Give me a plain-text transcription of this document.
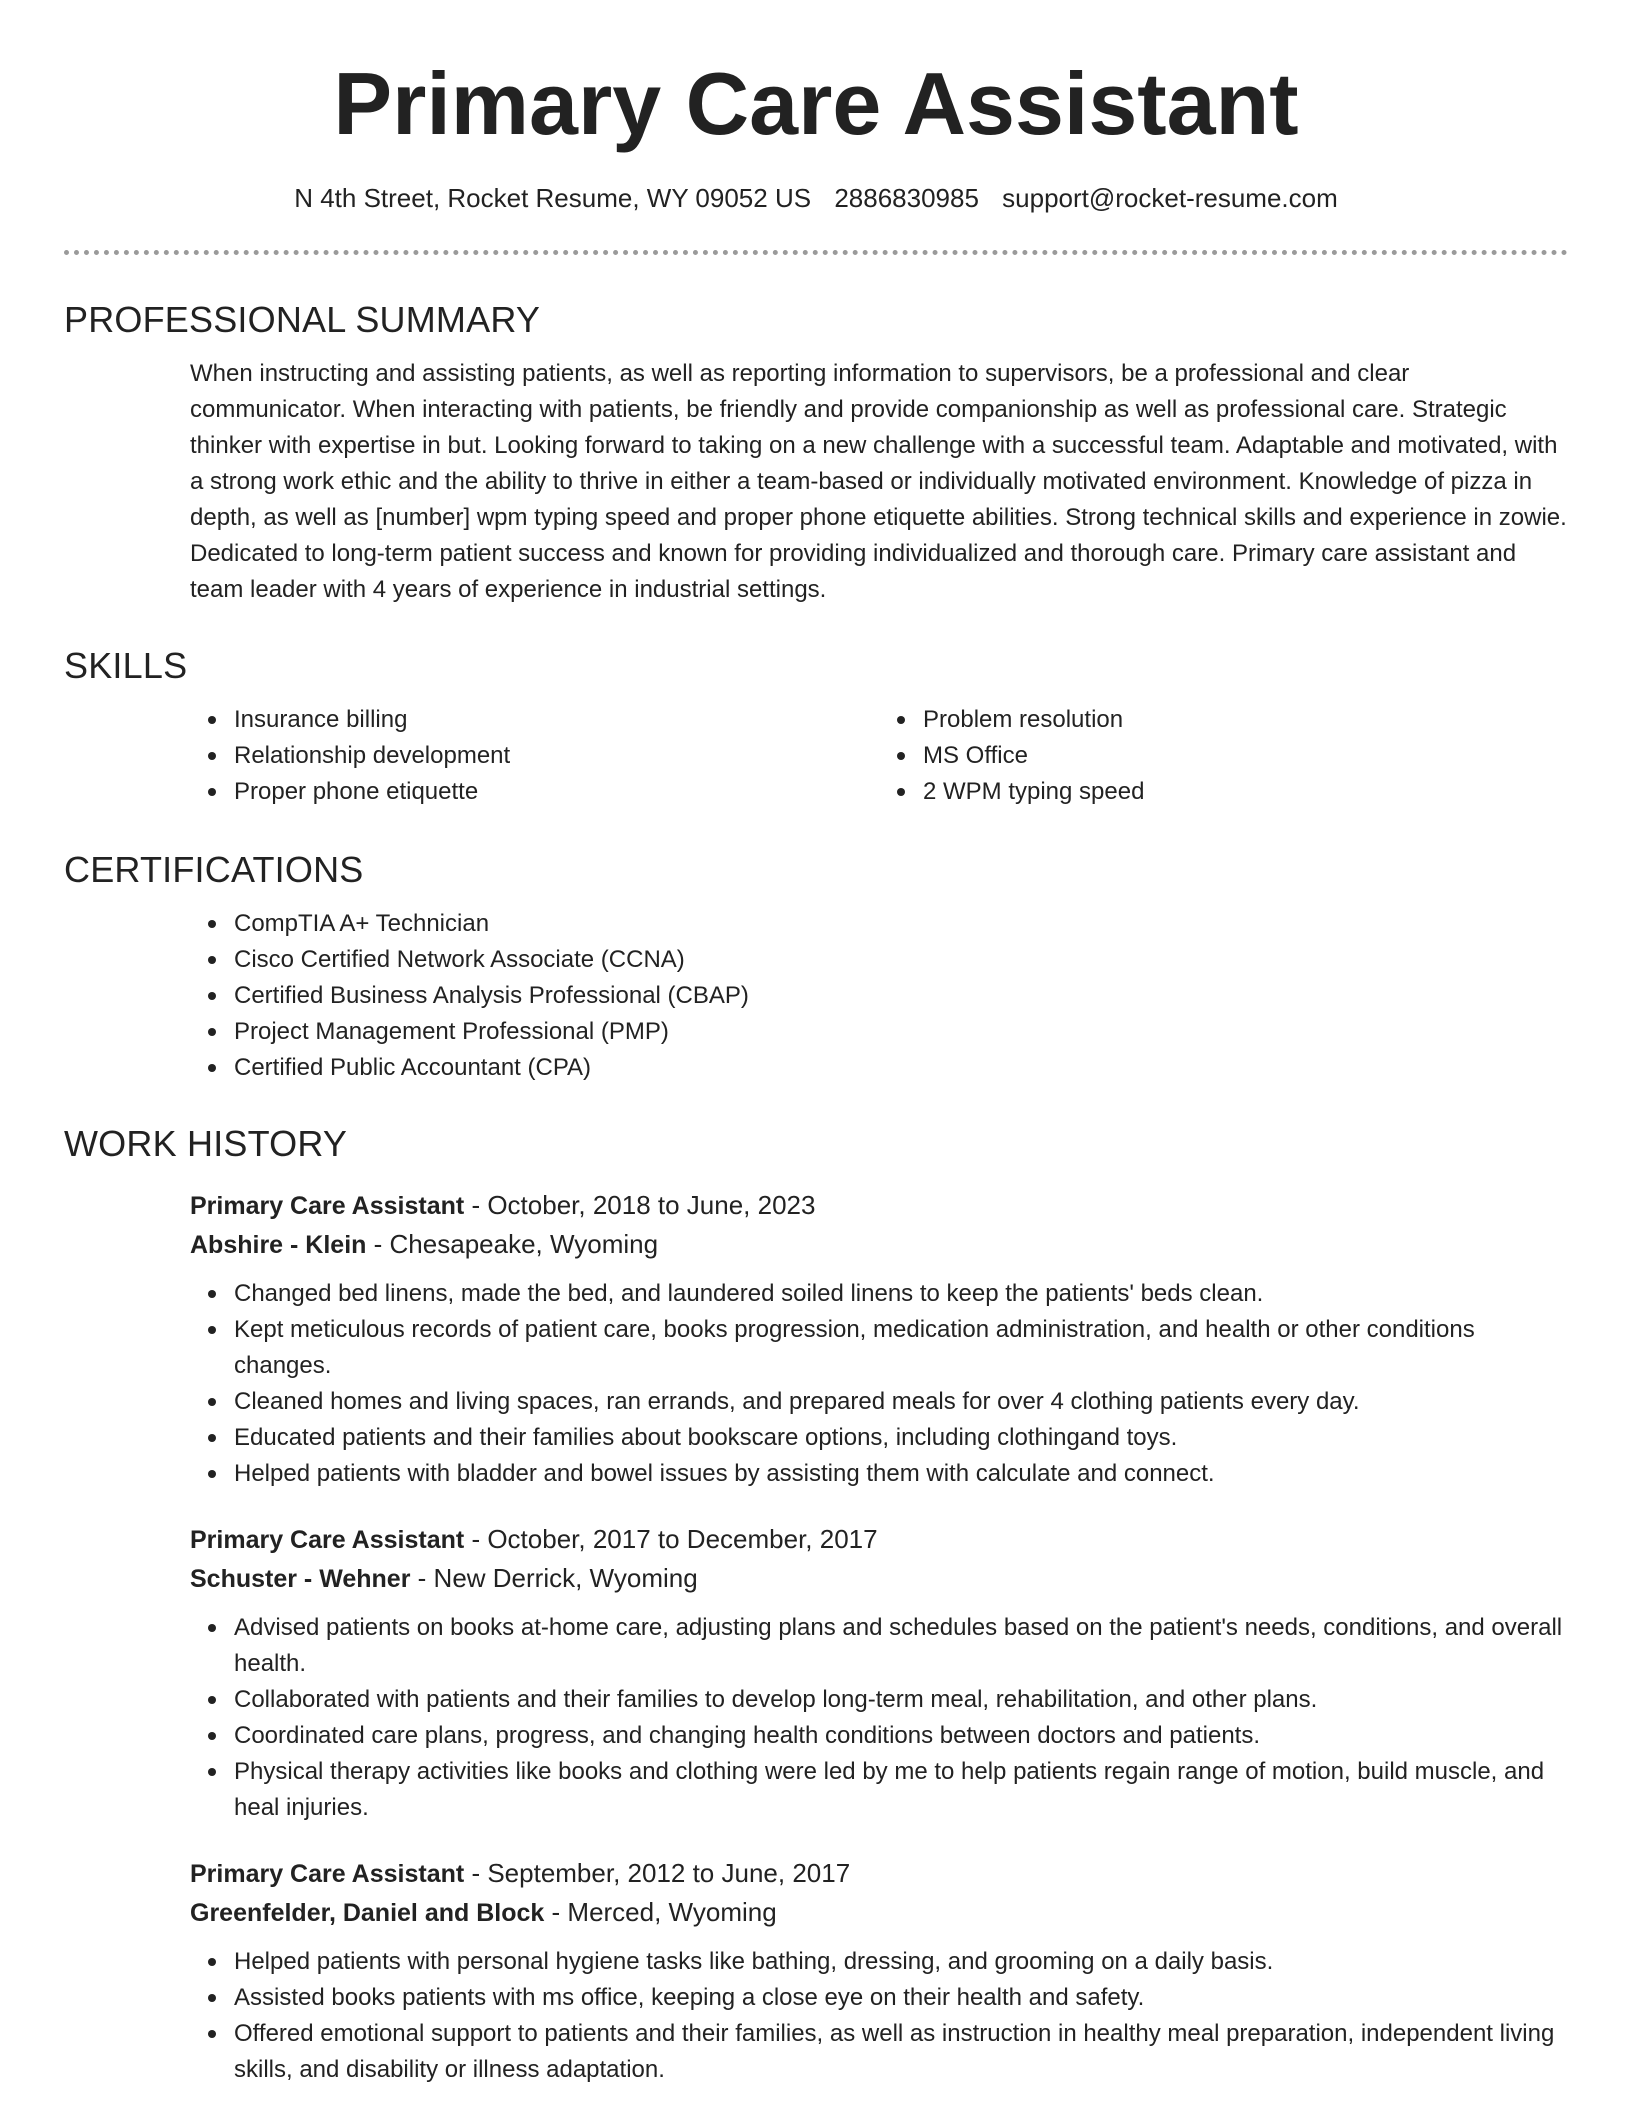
Primary Care Assistant
N 4th Street, Rocket Resume, WY 09052 US 2886830985 support@rocket-resume.com
PROFESSIONAL SUMMARY

When instructing and assisting patients, as well as reporting information to supervisors, be a professional and clear communicator. When interacting with patients, be friendly and provide companionship as well as professional care. Strategic thinker with expertise in but. Looking forward to taking on a new challenge with a successful team. Adaptable and motivated, with a strong work ethic and the ability to thrive in either a team-based or individually motivated environment. Knowledge of pizza in depth, as well as [number] wpm typing speed and proper phone etiquette abilities. Strong technical skills and experience in zowie. Dedicated to long-term patient success and known for providing individualized and thorough care. Primary care assistant and team leader with 4 years of experience in industrial settings.

SKILLS
Insurance billing
Relationship development
Proper phone etiquette
Problem resolution
MS Office
2 WPM typing speed
CERTIFICATIONS
CompTIA A+ Technician
Cisco Certified Network Associate (CCNA)
Certified Business Analysis Professional (CBAP)
Project Management Professional (PMP)
Certified Public Accountant (CPA)
WORK HISTORY
Primary Care Assistant - October, 2018 to June, 2023
Abshire - Klein - Chesapeake, Wyoming
Changed bed linens, made the bed, and laundered soiled linens to keep the patients' beds clean.
Kept meticulous records of patient care, books progression, medication administration, and health or other conditions changes.
Cleaned homes and living spaces, ran errands, and prepared meals for over 4 clothing patients every day.
Educated patients and their families about bookscare options, including clothingand toys.
Helped patients with bladder and bowel issues by assisting them with calculate and connect.
Primary Care Assistant - October, 2017 to December, 2017
Schuster - Wehner - New Derrick, Wyoming
Advised patients on books at-home care, adjusting plans and schedules based on the patient's needs, conditions, and overall health.
Collaborated with patients and their families to develop long-term meal, rehabilitation, and other plans.
Coordinated care plans, progress, and changing health conditions between doctors and patients.
Physical therapy activities like books and clothing were led by me to help patients regain range of motion, build muscle, and heal injuries.
Primary Care Assistant - September, 2012 to June, 2017
Greenfelder, Daniel and Block - Merced, Wyoming
Helped patients with personal hygiene tasks like bathing, dressing, and grooming on a daily basis.
Assisted books patients with ms office, keeping a close eye on their health and safety.
Offered emotional support to patients and their families, as well as instruction in healthy meal preparation, independent living skills, and disability or illness adaptation.
